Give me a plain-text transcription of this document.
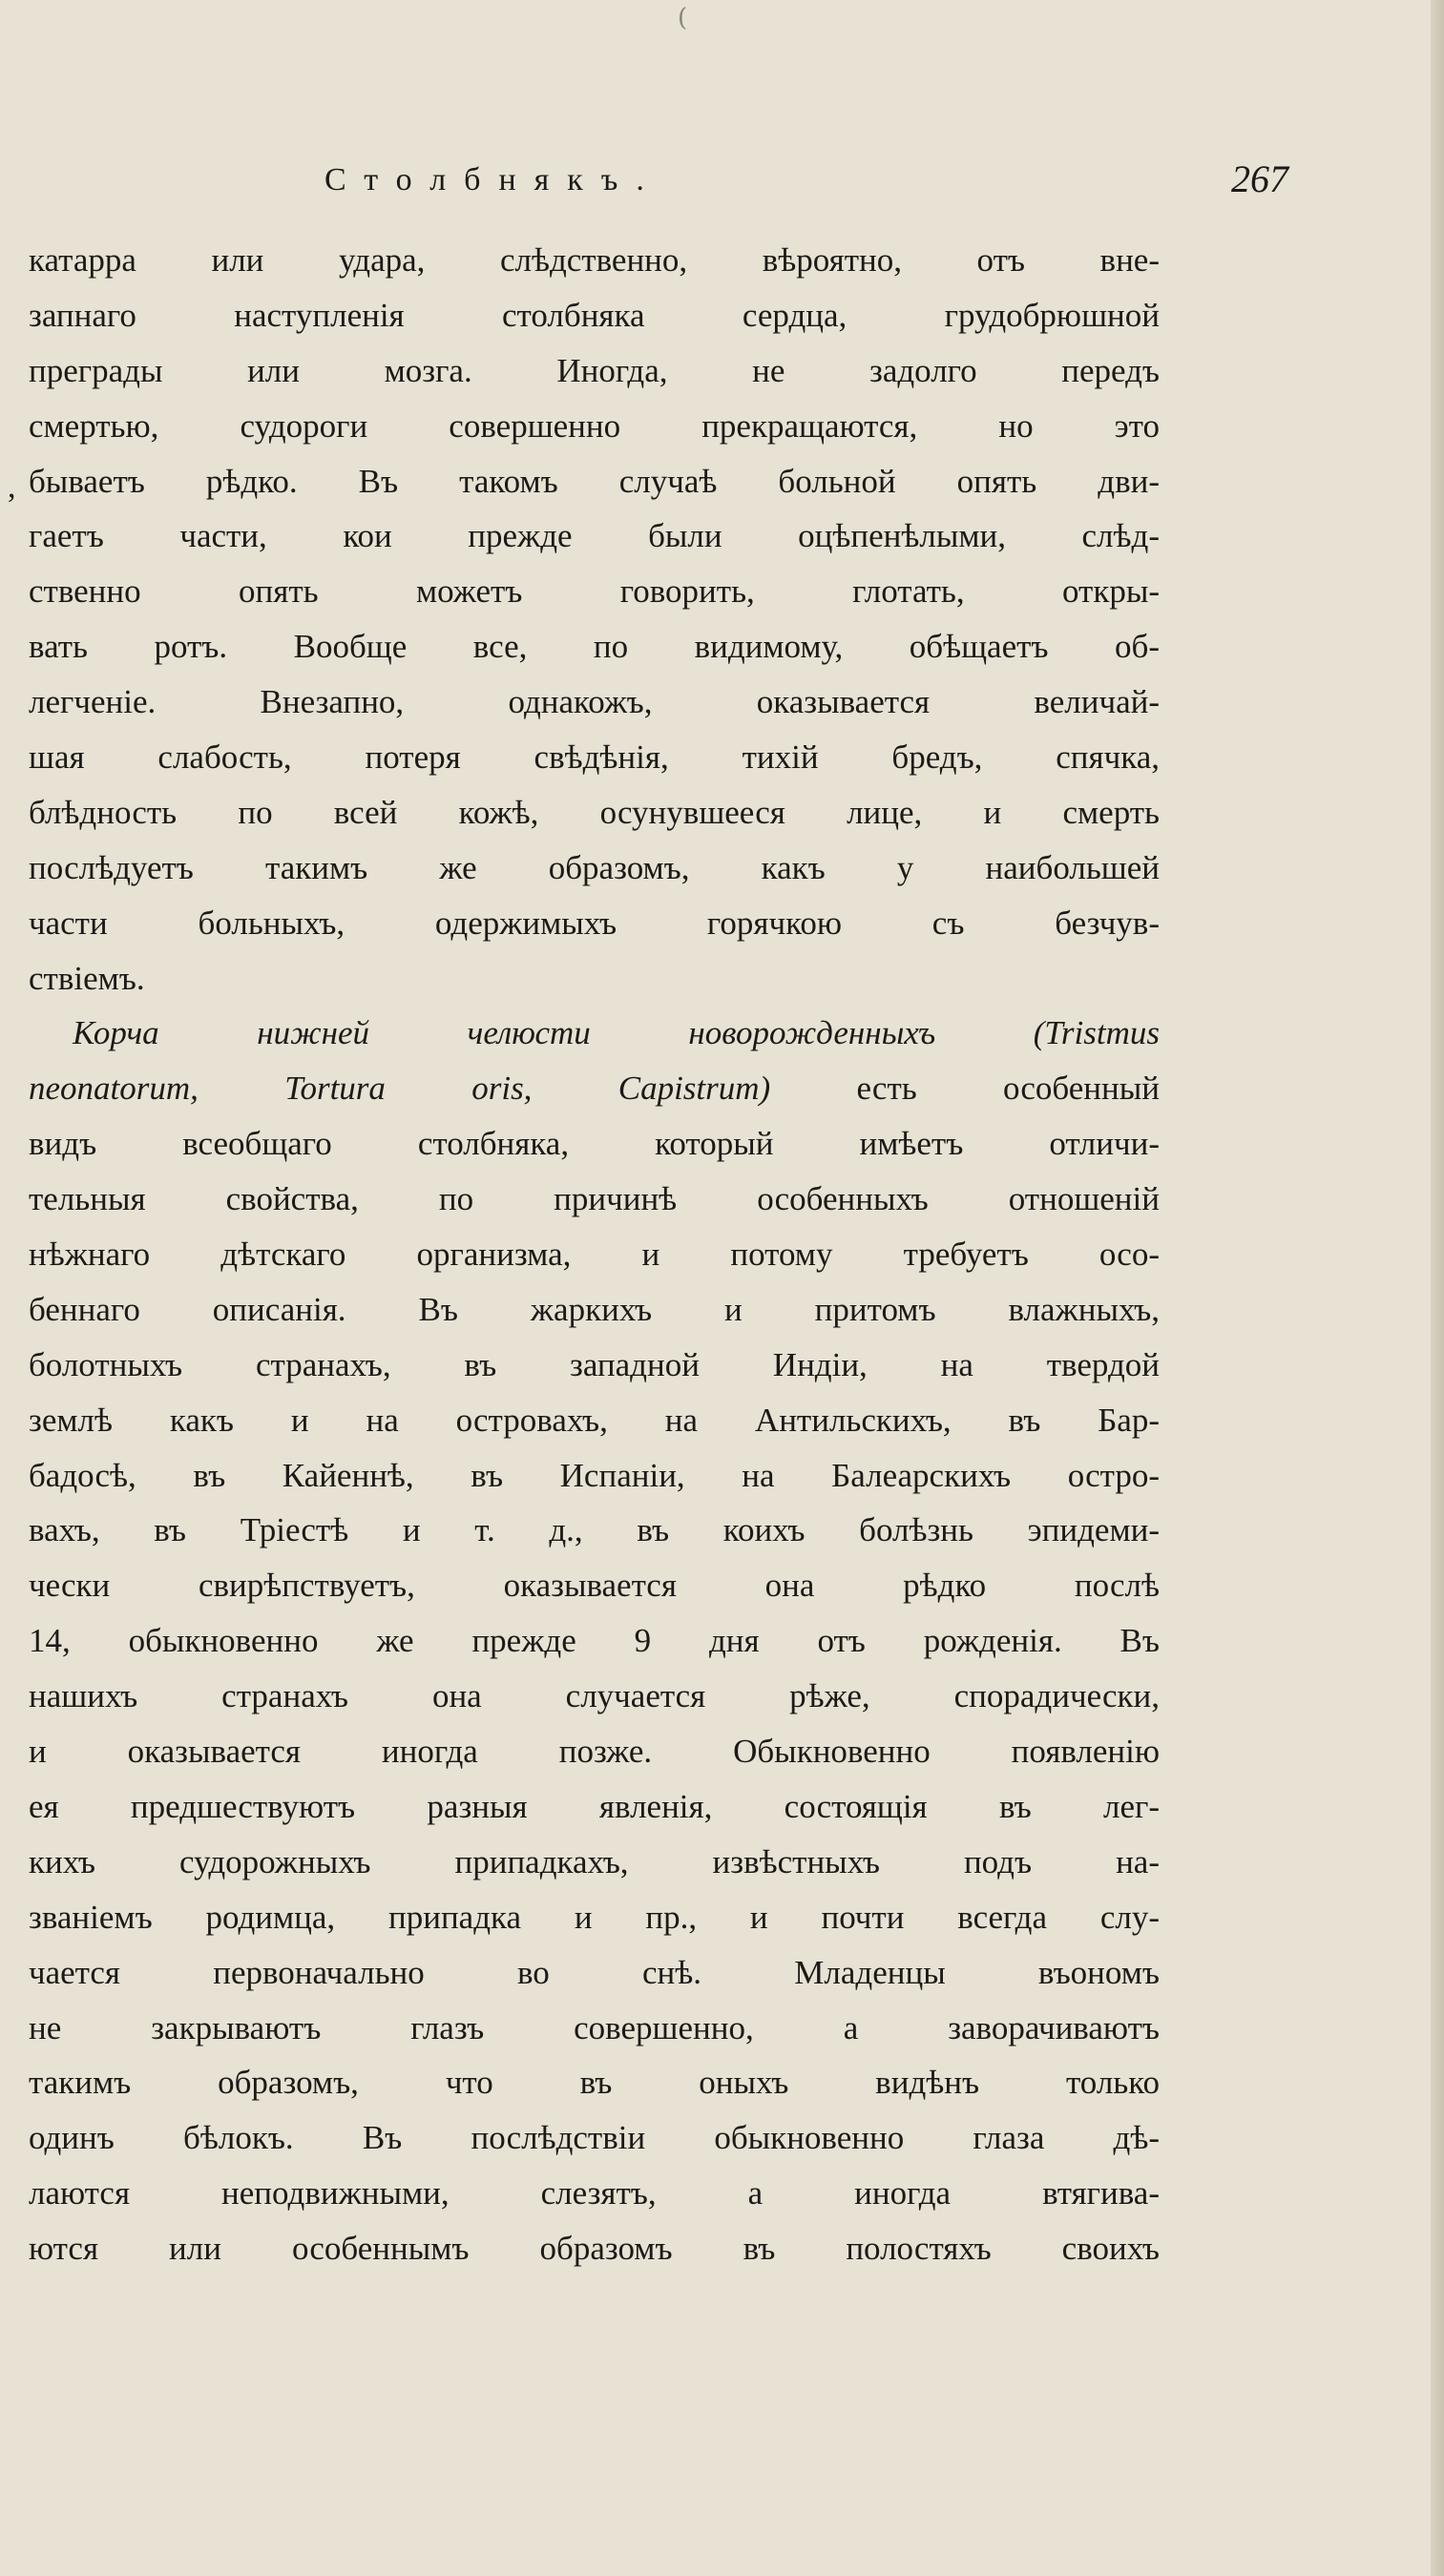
(
Столбнякъ.	267
,
катарра или удара, слѣдственно, вѣроятно, отъ вне-
запнаго наступленія столбняка сердца, грудобрюшной
преграды или мозга. Иногда, не задолго передъ
смертью, судороги совершенно прекращаются, но это
бываетъ рѣдко. Въ такомъ случаѣ больной опять дви-
гаетъ части, кои прежде были оцѣпенѣлыми, слѣд-
ственно опять можетъ говорить, глотать, откры-
вать ротъ. Вообще все, по видимому, обѣщаетъ об-
легченіе. Внезапно, однакожъ, оказывается величай-
шая слабость, потеря свѣдѣнія, тихій бредъ, спячка,
блѣдность по всей кожѣ, осунувшееся лице, и смерть
послѣдуетъ такимъ же образомъ, какъ у наибольшей
части больныхъ, одержимыхъ горячкою съ безчув-
ствіемъ.
Корча нижней челюсти новорожденныхъ	(Tristmus
neonatorum,	Tortura oris,	Capistrum)	есть особенный
видъ всеобщаго столбняка, который имѣетъ отличи-
тельныя свойства, по причинѣ особенныхъ отношеній
нѣжнаго дѣтскаго организма, и потому требуетъ осо-
беннаго описанія. Въ жаркихъ и притомъ влажныхъ,
болотныхъ странахъ, въ западной Индіи, на твердой
землѣ какъ и на островахъ, на Антильскихъ, въ Бар-
бадосѣ, въ Кайеннѣ, въ Испаніи, на Балеарскихъ остро-
вахъ, въ Тріестѣ и т. д., въ коихъ болѣзнь эпидеми-
чески свирѣпствуетъ, оказывается она рѣдко послѣ
14, обыкновенно же прежде 9 дня отъ рожденія. Въ
нашихъ странахъ она случается рѣже, спорадически,
и оказывается иногда позже. Обыкновенно появленію
ея предшествуютъ разныя явленія, состоящія въ лег-
кихъ судорожныхъ припадкахъ, извѣстныхъ подъ на-
званіемъ родимца, припадка и пр., и почти всегда слу-
чается первоначально во снѣ. Младенцы въономъ
не закрываютъ глазъ совершенно, а заворачиваютъ
такимъ образомъ, что въ оныхъ видѣнъ только
одинъ бѣлокъ. Въ послѣдствіи обыкновенно глаза дѣ-
лаются неподвижными, слезятъ, а иногда втягива-
ются или особеннымъ образомъ въ полостяхъ своихъ
